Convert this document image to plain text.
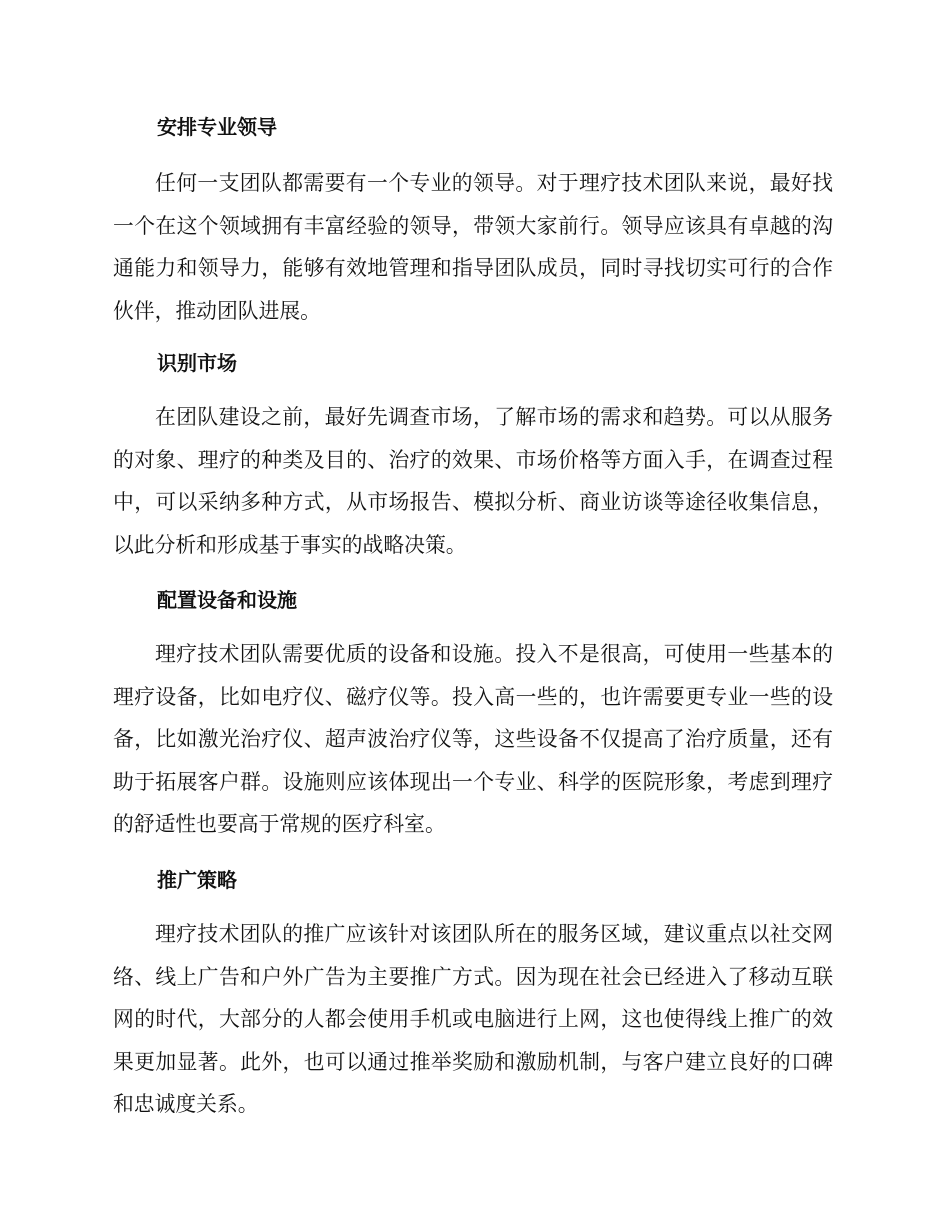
安排专业领导

任何一支团队都需要有一个专业的领导。对于理疗技术团队来说，最好找一个在这个领域拥有丰富经验的领导，带领大家前行。领导应该具有卓越的沟通能力和领导力，能够有效地管理和指导团队成员，同时寻找切实可行的合作伙伴，推动团队进展。

识别市场

在团队建设之前，最好先调查市场，了解市场的需求和趋势。可以从服务的对象、理疗的种类及目的、治疗的效果、市场价格等方面入手，在调查过程中，可以采纳多种方式，从市场报告、模拟分析、商业访谈等途径收集信息，以此分析和形成基于事实的战略决策。

配置设备和设施

理疗技术团队需要优质的设备和设施。投入不是很高，可使用一些基本的理疗设备，比如电疗仪、磁疗仪等。投入高一些的，也许需要更专业一些的设备，比如激光治疗仪、超声波治疗仪等，这些设备不仅提高了治疗质量，还有助于拓展客户群。设施则应该体现出一个专业、科学的医院形象，考虑到理疗的舒适性也要高于常规的医疗科室。

推广策略

理疗技术团队的推广应该针对该团队所在的服务区域，建议重点以社交网络、线上广告和户外广告为主要推广方式。因为现在社会已经进入了移动互联网的时代，大部分的人都会使用手机或电脑进行上网，这也使得线上推广的效果更加显著。此外，也可以通过推举奖励和激励机制，与客户建立良好的口碑和忠诚度关系。
